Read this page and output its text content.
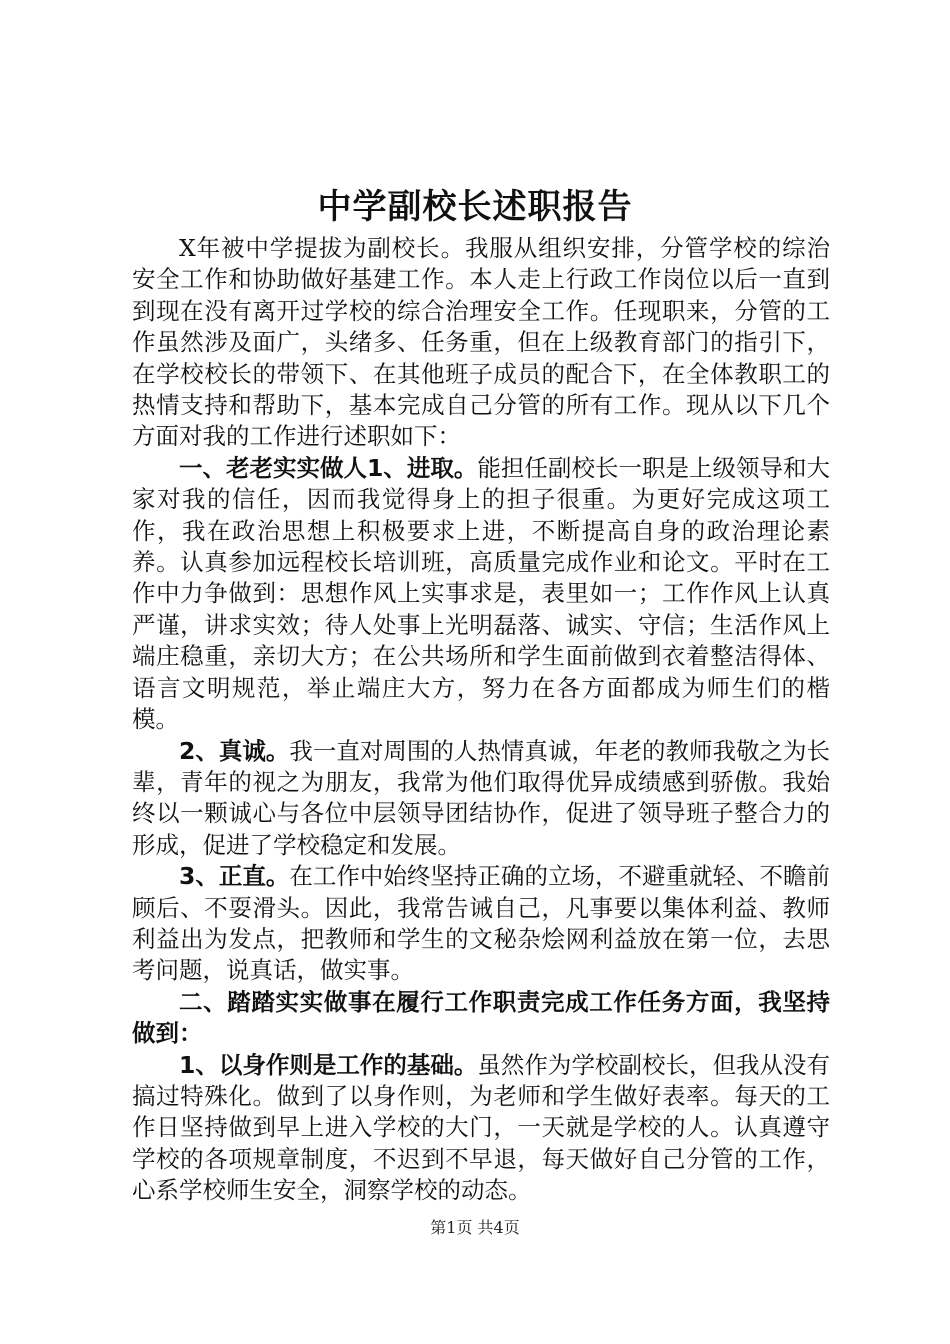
中学副校长述职报告

X年被中学提拔为副校长。我服从组织安排，分管学校的综治安全工作和协助做好基建工作。本人走上行政工作岗位以后一直到到现在没有离开过学校的综合治理安全工作。任现职来，分管的工作虽然涉及面广，头绪多、任务重，但在上级教育部门的指引下，在学校校长的带领下、在其他班子成员的配合下，在全体教职工的热情支持和帮助下，基本完成自己分管的所有工作。现从以下几个方面对我的工作进行述职如下：

一、老老实实做人1、进取。能担任副校长一职是上级领导和大家对我的信任，因而我觉得身上的担子很重。为更好完成这项工作，我在政治思想上积极要求上进，不断提高自身的政治理论素养。认真参加远程校长培训班，高质量完成作业和论文。平时在工作中力争做到：思想作风上实事求是，表里如一；工作作风上认真严谨，讲求实效；待人处事上光明磊落、诚实、守信；生活作风上端庄稳重，亲切大方；在公共场所和学生面前做到衣着整洁得体、语言文明规范，举止端庄大方，努力在各方面都成为师生们的楷模。

2、真诚。我一直对周围的人热情真诚，年老的教师我敬之为长辈，青年的视之为朋友，我常为他们取得优异成绩感到骄傲。我始终以一颗诚心与各位中层领导团结协作，促进了领导班子整合力的形成，促进了学校稳定和发展。

3、正直。在工作中始终坚持正确的立场，不避重就轻、不瞻前顾后、不耍滑头。因此，我常告诫自己，凡事要以集体利益、教师利益出为发点，把教师和学生的文秘杂烩网利益放在第一位，去思考问题，说真话，做实事。

二、踏踏实实做事在履行工作职责完成工作任务方面，我坚持做到：

1、以身作则是工作的基础。虽然作为学校副校长，但我从没有搞过特殊化。做到了以身作则，为老师和学生做好表率。每天的工作日坚持做到早上进入学校的大门，一天就是学校的人。认真遵守学校的各项规章制度，不迟到不早退，每天做好自己分管的工作，心系学校师生安全，洞察学校的动态。

第1页 共4页
